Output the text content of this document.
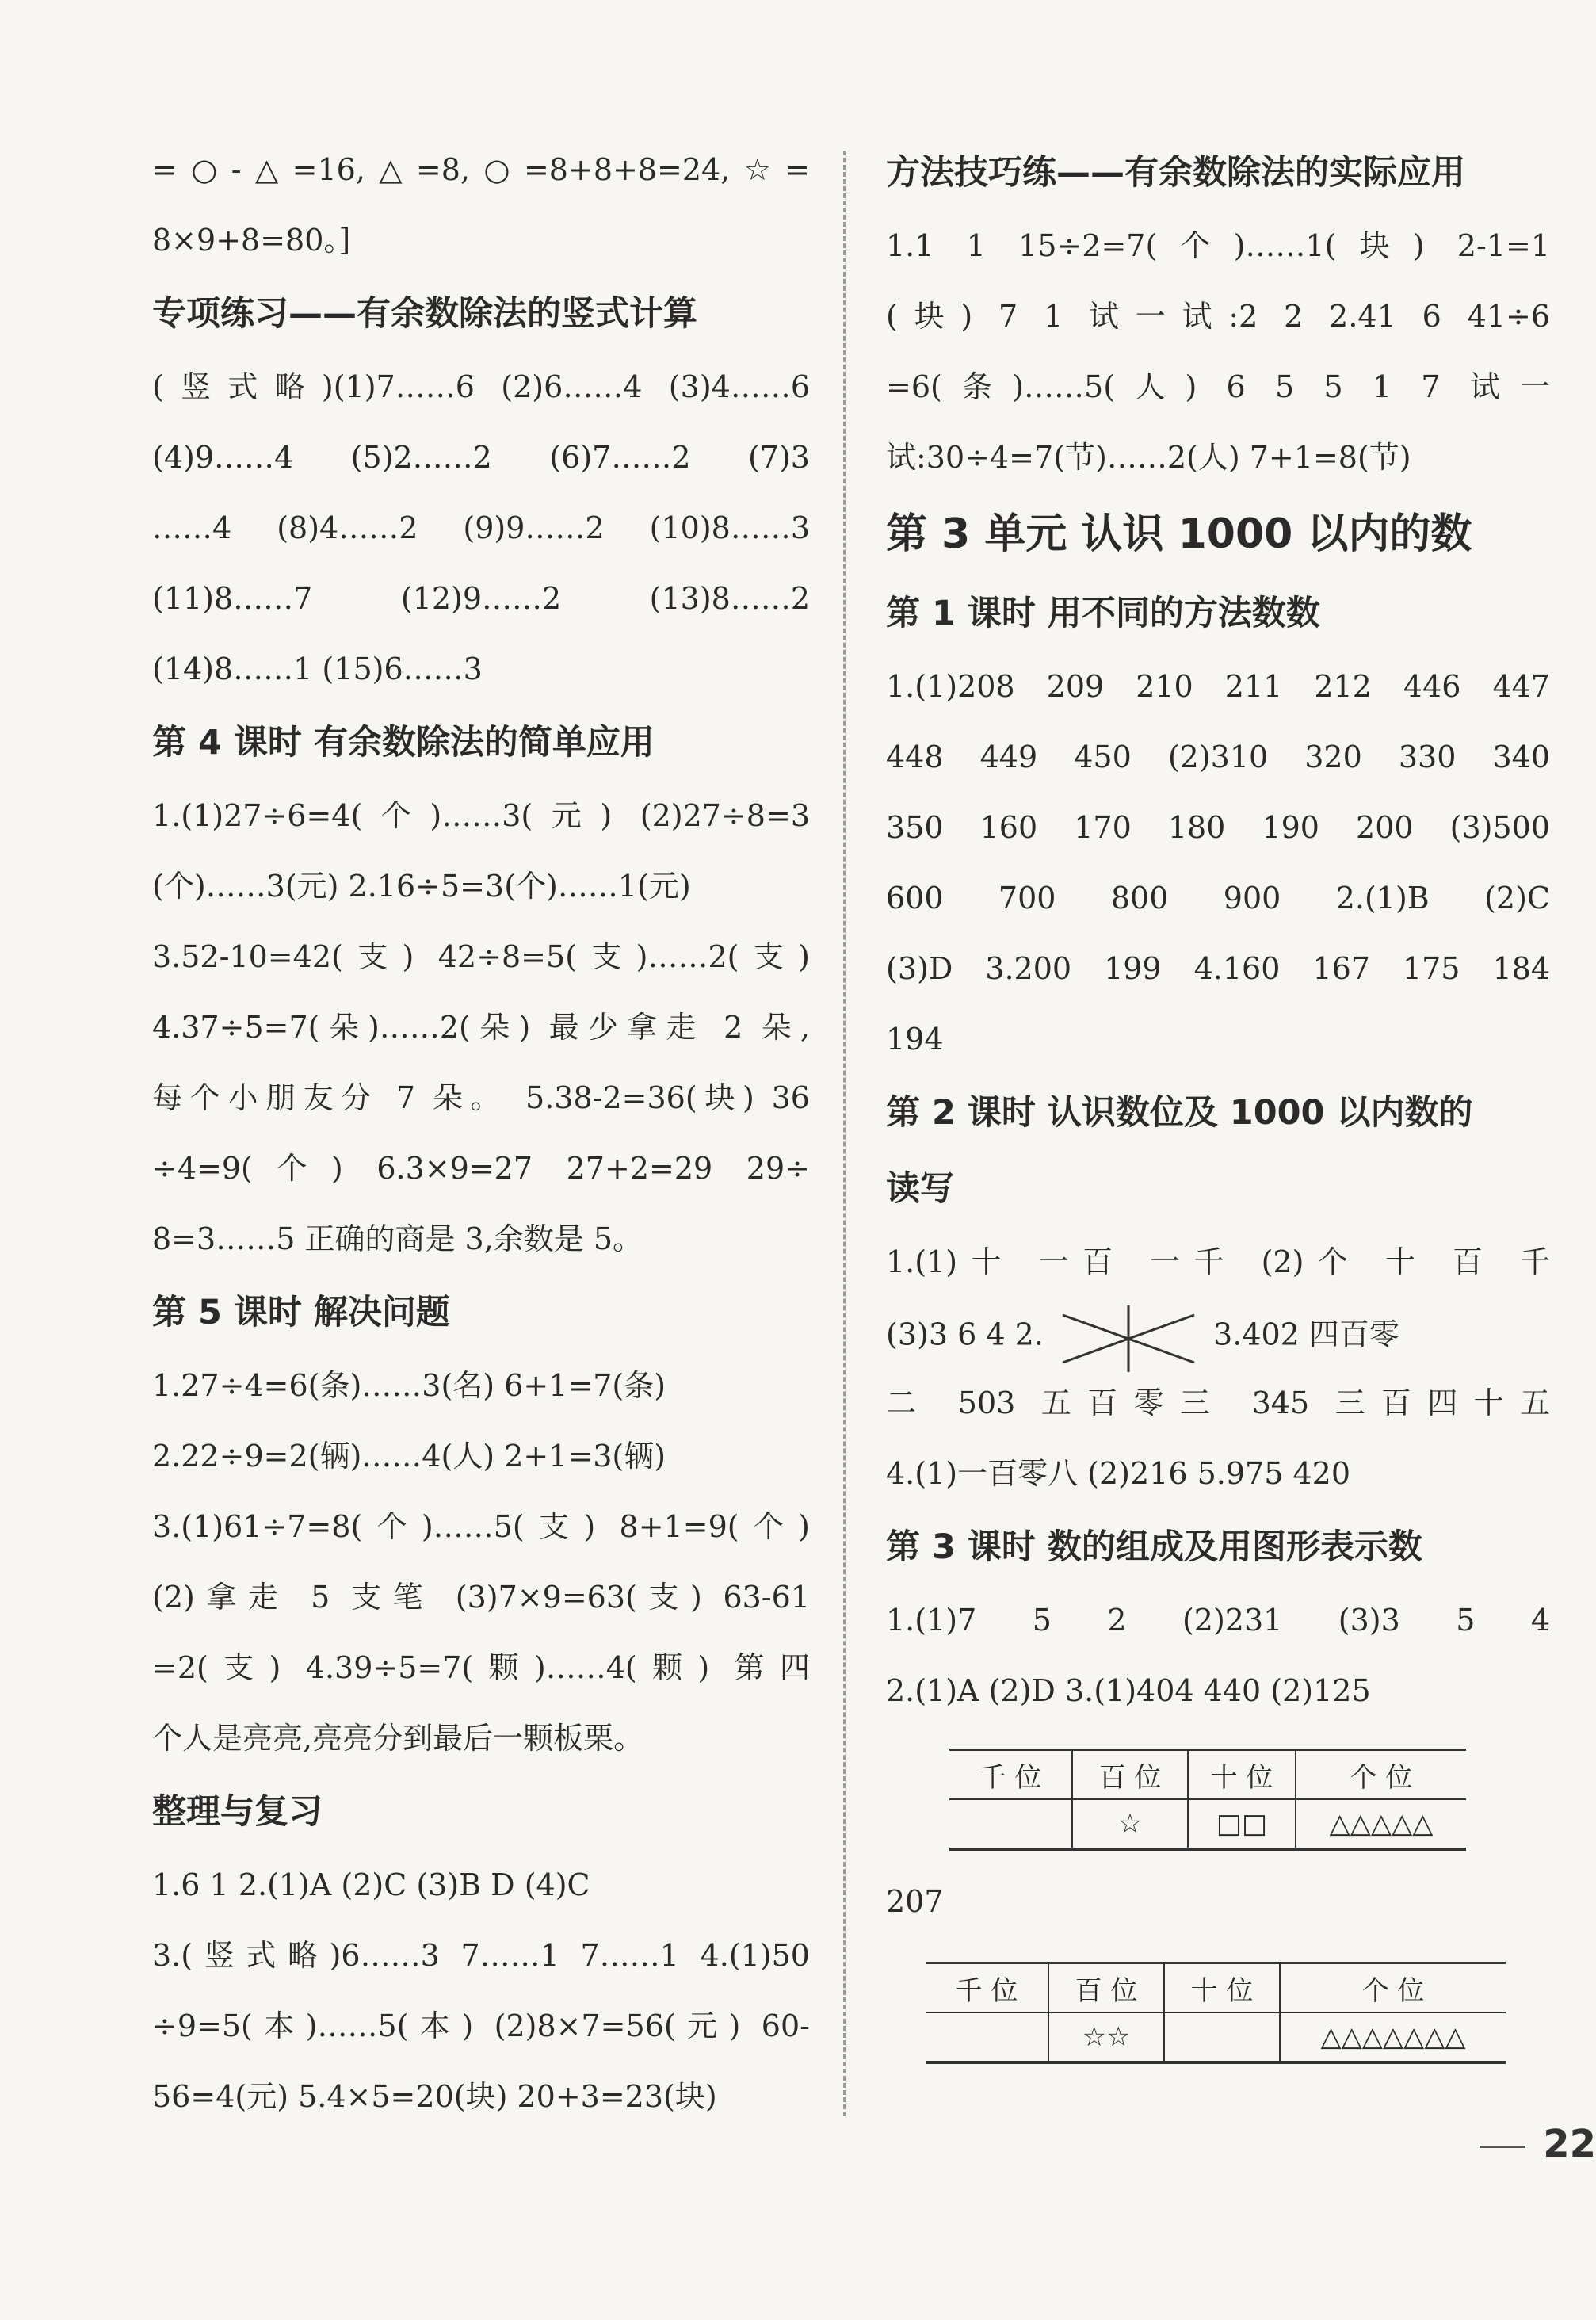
=○-△=16,△=8,○=8+8+8=24,☆=
8×9+8=80。]
专项练习——有余数除法的竖式计算
(竖式略)(1)7……6 (2)6……4 (3)4……6
(4)9……4 (5)2……2 (6)7……2 (7)3
……4 (8)4……2 (9)9……2 (10)8……3
(11)8……7 (12)9……2 (13)8……2
(14)8……1 (15)6……3
第 4 课时 有余数除法的简单应用
1.(1)27÷6=4(个)……3(元) (2)27÷8=3
(个)……3(元) 2.16÷5=3(个)……1(元)
3.52-10=42(支) 42÷8=5(支)……2(支)
4.37÷5=7(朵)……2(朵) 最少拿走 2 朵,
每个小朋友分 7 朵。 5.38-2=36(块) 36
÷4=9(个) 6.3×9=27 27+2=29 29÷
8=3……5 正确的商是 3,余数是 5。
第 5 课时 解决问题
1.27÷4=6(条)……3(名) 6+1=7(条)
2.22÷9=2(辆)……4(人) 2+1=3(辆)
3.(1)61÷7=8(个)……5(支) 8+1=9(个)
(2)拿走 5 支笔 (3)7×9=63(支) 63-61
=2(支) 4.39÷5=7(颗)……4(颗) 第四
个人是亮亮,亮亮分到最后一颗板栗。
整理与复习
1.6 1 2.(1)A (2)C (3)B D (4)C
3.(竖式略)6……3 7……1 7……1 4.(1)50
÷9=5(本)……5(本) (2)8×7=56(元) 60-
56=4(元) 5.4×5=20(块) 20+3=23(块)
方法技巧练——有余数除法的实际应用
1.1 1 15÷2=7(个)……1(块) 2-1=1
(块) 7 1 试一试:2 2 2.41 6 41÷6
=6(条)……5(人) 6 5 5 1 7 试一
试:30÷4=7(节)……2(人) 7+1=8(节)
第 3 单元 认识 1000 以内的数
第 1 课时 用不同的方法数数
1.(1)208 209 210 211 212 446 447
448 449 450 (2)310 320 330 340
350 160 170 180 190 200 (3)500
600 700 800 900 2.(1)B (2)C
(3)D 3.200 199 4.160 167 175 184
194
第 2 课时 认识数位及 1000 以内数的
读写
1.(1)十 一百 一千 (2)个 十 百 千
(3)3 6 4 2.	3.402 四百零
二 503 五百零三 345 三百四十五
4.(1)一百零八 (2)216 5.975 420
第 3 课时 数的组成及用图形表示数
1.(1)7 5 2 (2)231 (3)3 5 4
2.(1)A (2)D 3.(1)404 440 (2)125
千 位	百 位	十 位	个 位
	☆	□□	△△△△△
207
千 位	百 位	十 位	个 位
	☆☆		△△△△△△△
22
